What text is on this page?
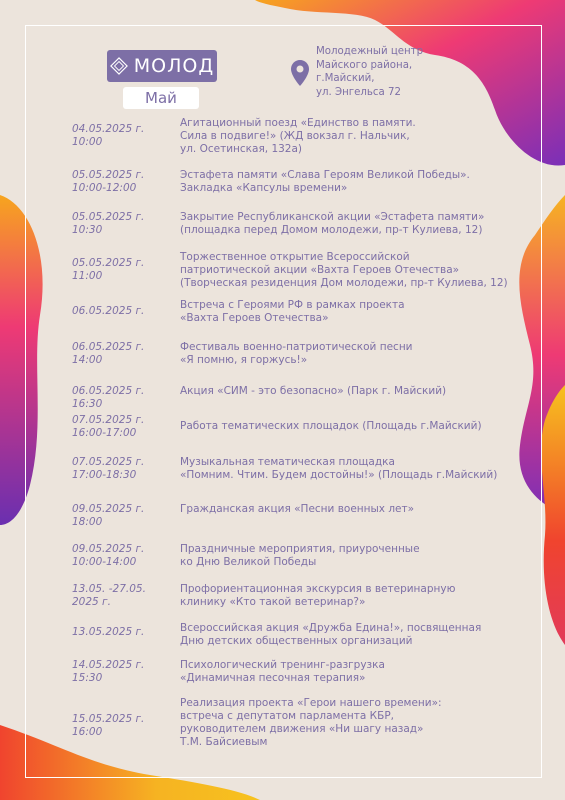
МОЛОД
Май
Молодежный центр
Майского района,
г.Майский,
ул. Энгельса 72
04.05.2025 г.
10:00
Агитационный поезд «Единство в памяти.
Сила в подвиге!» (ЖД вокзал г. Нальчик,
ул. Осетинская, 132а)
05.05.2025 г.
10:00-12:00
Эстафета памяти «Слава Героям Великой Победы».
Закладка «Капсулы времени»
05.05.2025 г.
10:30
Закрытие Республиканской акции «Эстафета памяти»
(площадка перед Домом молодежи, пр-т Кулиева, 12)
05.05.2025 г.
11:00
Торжественное открытие Всероссийской
патриотической акции «Вахта Героев Отечества»
(Творческая резиденция Дом молодежи, пр-т Кулиева, 12)
06.05.2025 г.	Встреча с Героями РФ в рамках проекта
«Вахта Героев Отечества»
06.05.2025 г.
14:00
Фестиваль военно-патриотической песни
«Я помню, я горжусь!»
06.05.2025 г.
16:30
Акция «СИМ - это безопасно» (Парк г. Майский)
07.05.2025 г.
16:00-17:00
Работа тематических площадок (Площадь г.Майский)
07.05.2025 г.
17:00-18:30
Музыкальная тематическая площадка
«Помним. Чтим. Будем достойны!» (Площадь г.Майский)
09.05.2025 г.
18:00
Гражданская акция «Песни военных лет»
09.05.2025 г.
10:00-14:00
Праздничные мероприятия, приуроченные
ко Дню Великой Победы
13.05. -27.05.
2025 г.
Профориентационная экскурсия в ветеринарную
клинику «Кто такой ветеринар?»
13.05.2025 г.	Всероссийская акция «Дружба Едина!», посвященная
Дню детских общественных организаций
14.05.2025 г.
15:30
Психологический тренинг-разгрузка
«Динамичная песочная терапия»
15.05.2025 г.
16:00
Реализация проекта «Герои нашего времени»:
встреча с депутатом парламента КБР,
руководителем движения «Ни шагу назад»
Т.М. Байсиевым
